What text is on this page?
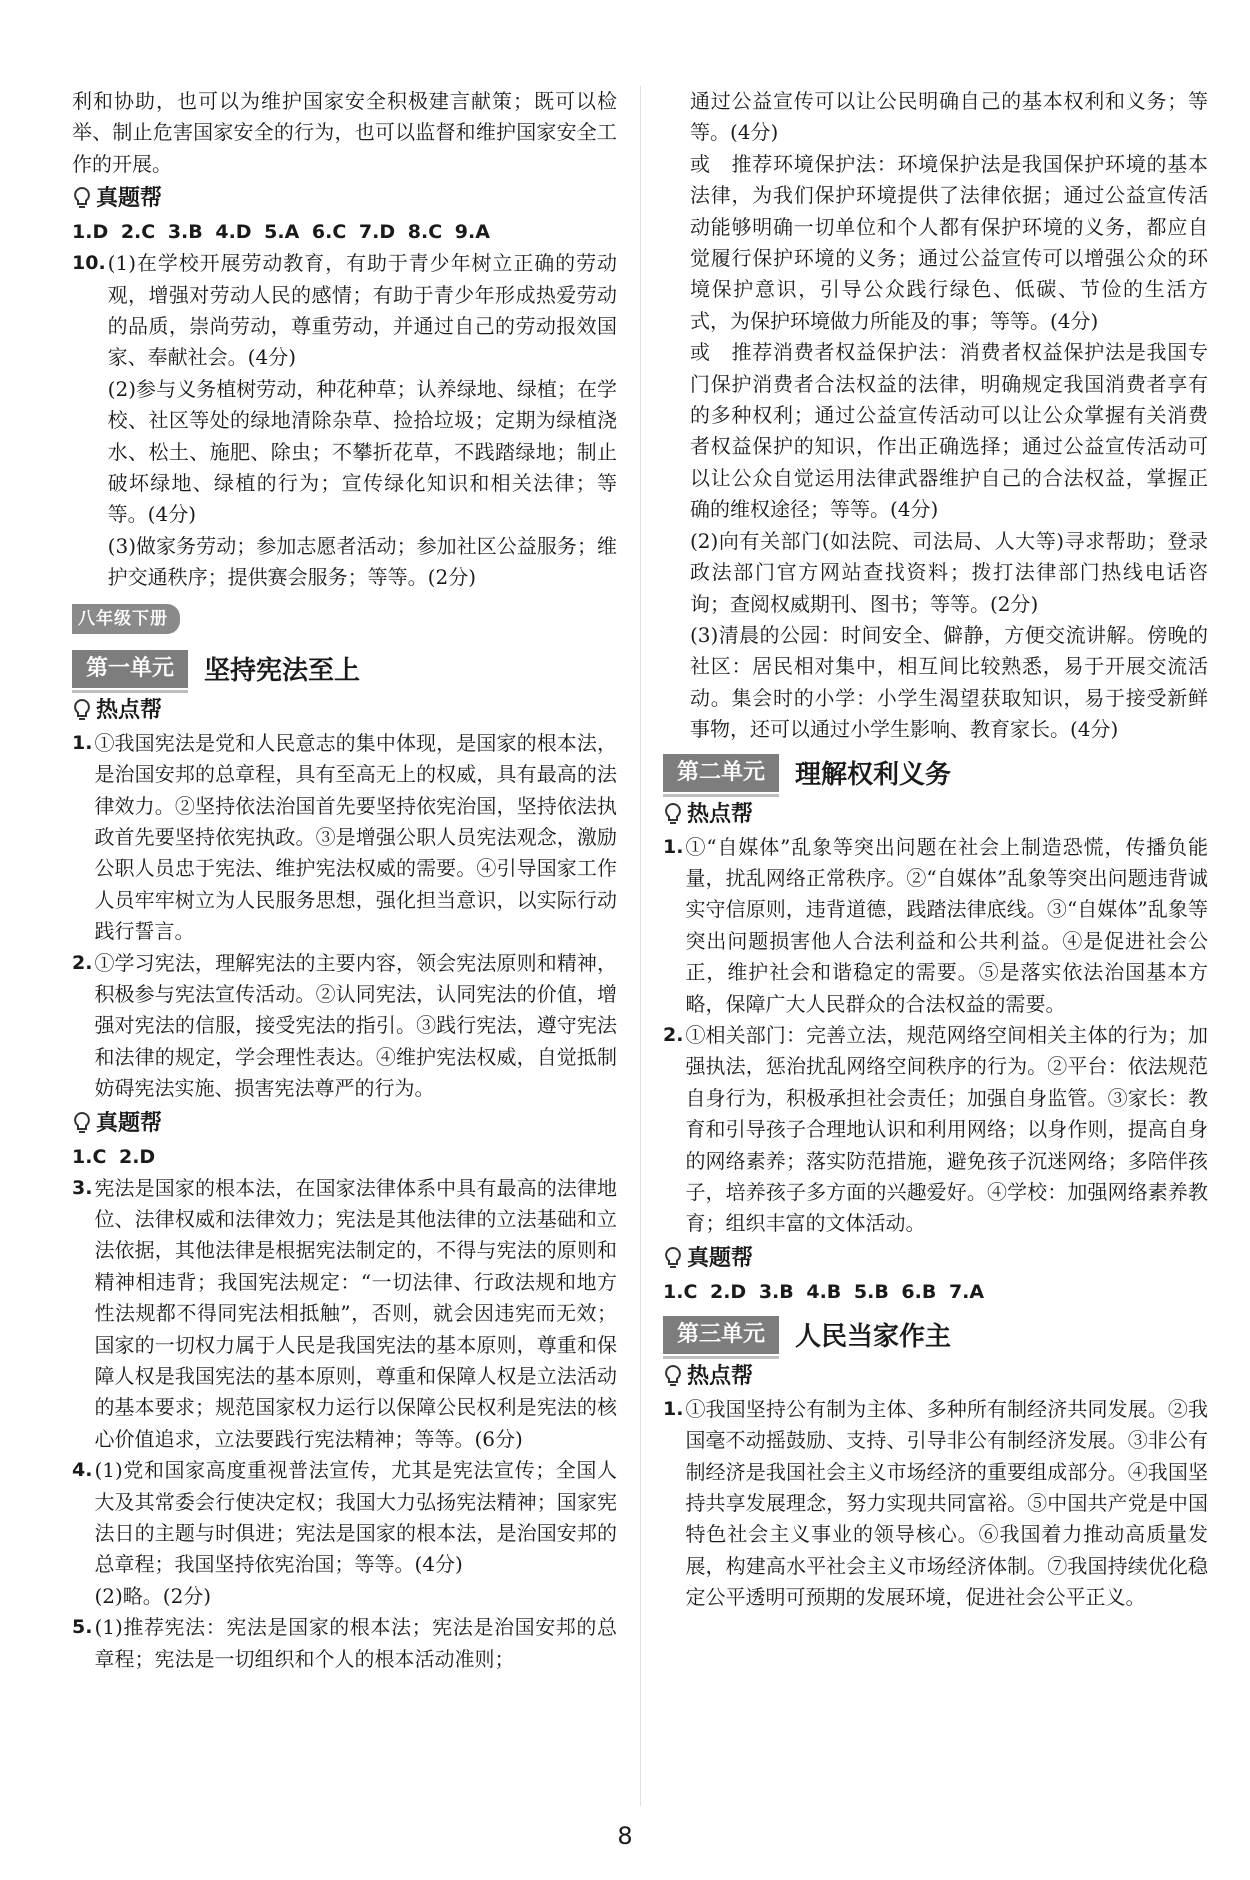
利和协助，也可以为维护国家安全积极建言献策；既可以检举、制止危害国家安全的行为，也可以监督和维护国家安全工作的开展。

真题帮

1.D 2.C 3.B 4.D 5.A 6.C 7.D 8.C 9.A

10. (1)在学校开展劳动教育，有助于青少年树立正确的劳动观，增强对劳动人民的感情；有助于青少年形成热爱劳动的品质，崇尚劳动，尊重劳动，并通过自己的劳动报效国家、奉献社会。(4分)

(2)参与义务植树劳动，种花种草；认养绿地、绿植；在学校、社区等处的绿地清除杂草、捡拾垃圾；定期为绿植浇水、松土、施肥、除虫；不攀折花草，不践踏绿地；制止破坏绿地、绿植的行为；宣传绿化知识和相关法律；等等。(4分)

(3)做家务劳动；参加志愿者活动；参加社区公益服务；维护交通秩序；提供赛会服务；等等。(2分)

八年级下册
第一单元	坚持宪法至上
热点帮
1. ①我国宪法是党和人民意志的集中体现，是国家的根本法，是治国安邦的总章程，具有至高无上的权威，具有最高的法律效力。②坚持依法治国首先要坚持依宪治国，坚持依法执政首先要坚持依宪执政。③是增强公职人员宪法观念，激励公职人员忠于宪法、维护宪法权威的需要。④引导国家工作人员牢牢树立为人民服务思想，强化担当意识，以实际行动践行誓言。

2. ①学习宪法，理解宪法的主要内容，领会宪法原则和精神，积极参与宪法宣传活动。②认同宪法，认同宪法的价值，增强对宪法的信服，接受宪法的指引。③践行宪法，遵守宪法和法律的规定，学会理性表达。④维护宪法权威，自觉抵制妨碍宪法实施、损害宪法尊严的行为。

真题帮

1.C 2.D

3. 宪法是国家的根本法，在国家法律体系中具有最高的法律地位、法律权威和法律效力；宪法是其他法律的立法基础和立法依据，其他法律是根据宪法制定的，不得与宪法的原则和精神相违背；我国宪法规定：“一切法律、行政法规和地方性法规都不得同宪法相抵触”，否则，就会因违宪而无效；国家的一切权力属于人民是我国宪法的基本原则，尊重和保障人权是我国宪法的基本原则，尊重和保障人权是立法活动的基本要求；规范国家权力运行以保障公民权利是宪法的核心价值追求，立法要践行宪法精神；等等。(6分)

4. (1)党和国家高度重视普法宣传，尤其是宪法宣传；全国人大及其常委会行使决定权；我国大力弘扬宪法精神；国家宪法日的主题与时俱进；宪法是国家的根本法，是治国安邦的总章程；我国坚持依宪治国；等等。(4分)

(2)略。(2分)

5. (1)推荐宪法：宪法是国家的根本法；宪法是治国安邦的总章程；宪法是一切组织和个人的根本活动准则；

通过公益宣传可以让公民明确自己的基本权利和义务；等等。(4分)

或　推荐环境保护法：环境保护法是我国保护环境的基本法律，为我们保护环境提供了法律依据；通过公益宣传活动能够明确一切单位和个人都有保护环境的义务，都应自觉履行保护环境的义务；通过公益宣传可以增强公众的环境保护意识，引导公众践行绿色、低碳、节俭的生活方式，为保护环境做力所能及的事；等等。(4分)

或　推荐消费者权益保护法：消费者权益保护法是我国专门保护消费者合法权益的法律，明确规定我国消费者享有的多种权利；通过公益宣传活动可以让公众掌握有关消费者权益保护的知识，作出正确选择；通过公益宣传活动可以让公众自觉运用法律武器维护自己的合法权益，掌握正确的维权途径；等等。(4分)

(2)向有关部门(如法院、司法局、人大等)寻求帮助；登录政法部门官方网站查找资料；拨打法律部门热线电话咨询；查阅权威期刊、图书；等等。(2分)

(3)清晨的公园：时间安全、僻静，方便交流讲解。傍晚的社区：居民相对集中，相互间比较熟悉，易于开展交流活动。集会时的小学：小学生渴望获取知识，易于接受新鲜事物，还可以通过小学生影响、教育家长。(4分)

第二单元	理解权利义务
热点帮
1. ①“自媒体”乱象等突出问题在社会上制造恐慌，传播负能量，扰乱网络正常秩序。②“自媒体”乱象等突出问题违背诚实守信原则，违背道德，践踏法律底线。③“自媒体”乱象等突出问题损害他人合法利益和公共利益。④是促进社会公正，维护社会和谐稳定的需要。⑤是落实依法治国基本方略，保障广大人民群众的合法权益的需要。

2. ①相关部门：完善立法，规范网络空间相关主体的行为；加强执法，惩治扰乱网络空间秩序的行为。②平台：依法规范自身行为，积极承担社会责任；加强自身监管。③家长：教育和引导孩子合理地认识和利用网络；以身作则，提高自身的网络素养；落实防范措施，避免孩子沉迷网络；多陪伴孩子，培养孩子多方面的兴趣爱好。④学校：加强网络素养教育；组织丰富的文体活动。

真题帮

1.C 2.D 3.B 4.B 5.B 6.B 7.A

第三单元	人民当家作主
热点帮
1. ①我国坚持公有制为主体、多种所有制经济共同发展。②我国毫不动摇鼓励、支持、引导非公有制经济发展。③非公有制经济是我国社会主义市场经济的重要组成部分。④我国坚持共享发展理念，努力实现共同富裕。⑤中国共产党是中国特色社会主义事业的领导核心。⑥我国着力推动高质量发展，构建高水平社会主义市场经济体制。⑦我国持续优化稳定公平透明可预期的发展环境，促进社会公平正义。

8
